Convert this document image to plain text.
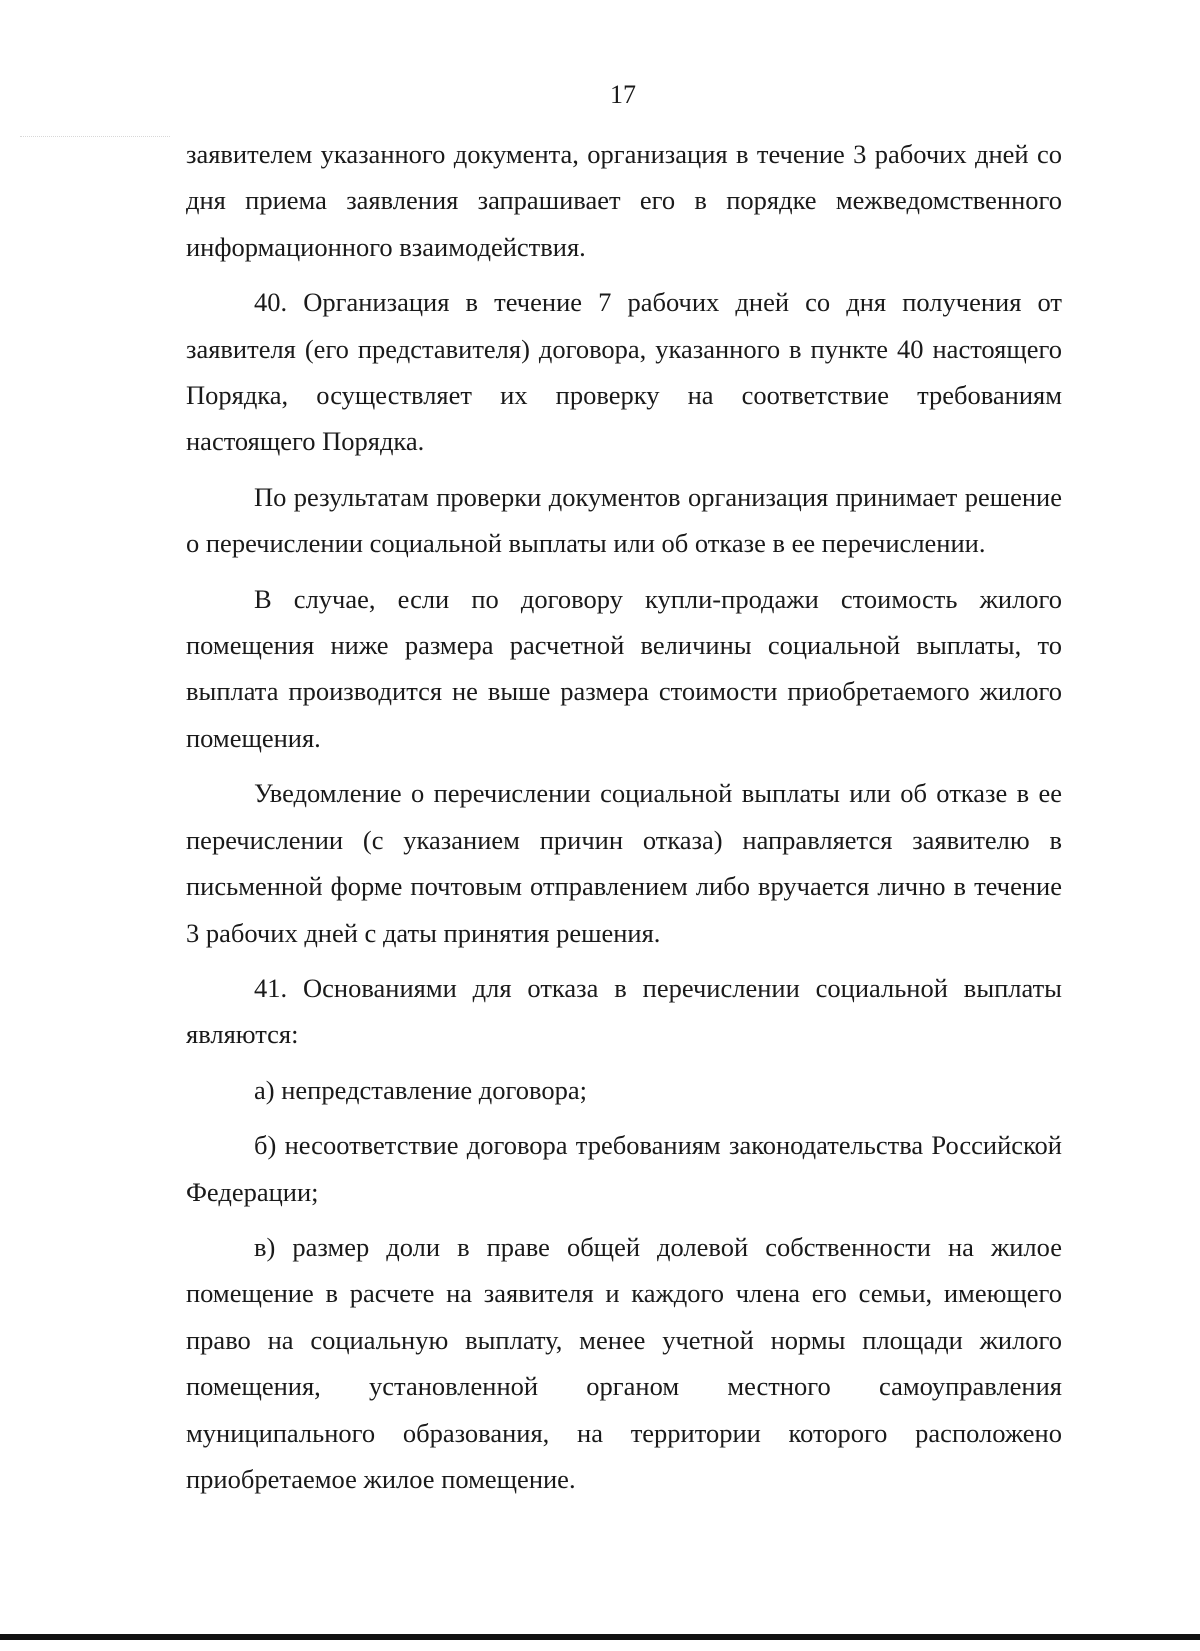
17

заявителем указанного документа, организация в течение 3 рабочих дней со дня приема заявления запрашивает его в порядке межведомственного информационного взаимодействия.

40. Организация в течение 7 рабочих дней со дня получения от заявителя (его представителя) договора, указанного в пункте 40 настоящего Порядка, осуществляет их проверку на соответствие требованиям настоящего Порядка.

По результатам проверки документов организация принимает решение о перечислении социальной выплаты или об отказе в ее перечислении.

В случае, если по договору купли-продажи стоимость жилого помещения ниже размера расчетной величины социальной выплаты, то выплата производится не выше размера стоимости приобретаемого жилого помещения.

Уведомление о перечислении социальной выплаты или об отказе в ее перечислении (с указанием причин отказа) направляется заявителю в письменной форме почтовым отправлением либо вручается лично в течение 3 рабочих дней с даты принятия решения.

41. Основаниями для отказа в перечислении социальной выплаты являются:

а) непредставление договора;

б) несоответствие договора требованиям законодательства Российской Федерации;

в) размер доли в праве общей долевой собственности на жилое помещение в расчете на заявителя и каждого члена его семьи, имеющего право на социальную выплату, менее учетной нормы площади жилого помещения, установленной органом местного самоуправления муниципального образования, на территории которого расположено приобретаемое жилое помещение.
